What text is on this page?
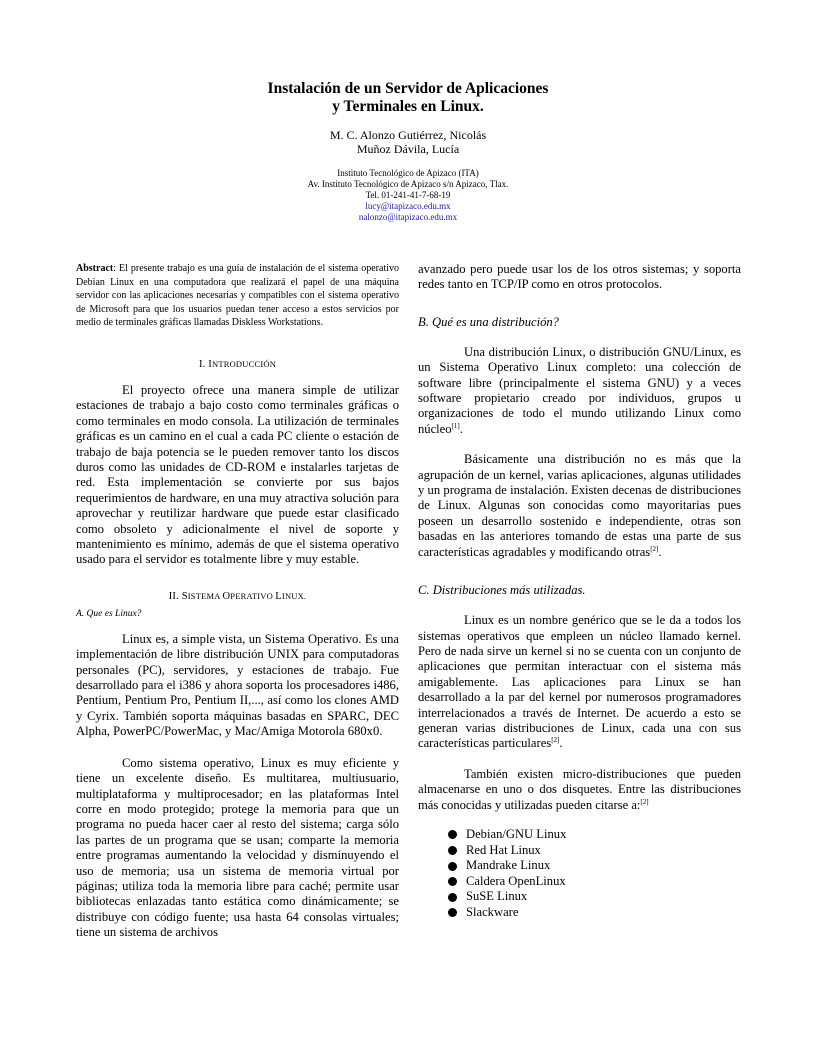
Instalación de un Servidor de Aplicaciones
y Terminales en Linux.
M. C. Alonzo Gutiérrez, Nicolás
Muñoz Dávila, Lucía
Instituto Tecnológico de Apizaco (ITA)
Av. Instituto Tecnológico de Apizaco s/n Apizaco, Tlax.
Tel. 01-241-41-7-68-19
lucy@itapizaco.edu.mx
nalonzo@itapizaco.edu.mx

Abstract: El presente trabajo es una guía de instalación de el sistema operativo Debian Linux en una computadora que realizará el papel de una máquina servidor con las aplicaciones necesarias y compatibles con el sistema operativo de Microsoft para que los usuarios puedan tener acceso a estos servicios por medio de terminales gráficas llamadas Diskless Workstations.

I. INTRODUCCIÓN

El proyecto ofrece una manera simple de utilizar estaciones de trabajo a bajo costo como terminales gráficas o como terminales en modo consola. La utilización de terminales gráficas es un camino en el cual a cada PC cliente o estación de trabajo de baja potencia se le pueden remover tanto los discos duros como las unidades de CD-ROM e instalarles tarjetas de red. Esta implementación se convierte por sus bajos requerimientos de hardware, en una muy atractiva solución para aprovechar y reutilizar hardware que puede estar clasificado como obsoleto y adicionalmente el nivel de soporte y mantenimiento es mínimo, además de que el sistema operativo usado para el servidor es totalmente libre y muy estable.

II. SISTEMA OPERATIVO LINUX.

A. Que es Linux?

Linux es, a simple vista, un Sistema Operativo. Es una implementación de libre distribución UNIX para computadoras personales (PC), servidores, y estaciones de trabajo. Fue desarrollado para el i386 y ahora soporta los procesadores i486, Pentium, Pentium Pro, Pentium II,..., así como los clones AMD y Cyrix. También soporta máquinas basadas en SPARC, DEC Alpha, PowerPC/PowerMac, y Mac/Amiga Motorola 680x0.

Como sistema operativo, Linux es muy eficiente y tiene un excelente diseño. Es multitarea, multiusuario, multiplataforma y multiprocesador; en las plataformas Intel corre en modo protegido; protege la memoria para que un programa no pueda hacer caer al resto del sistema; carga sólo las partes de un programa que se usan; comparte la memoria entre programas aumentando la velocidad y disminuyendo el uso de memoria; usa un sistema de memoria virtual por páginas; utiliza toda la memoria libre para caché; permite usar bibliotecas enlazadas tanto estática como dinámicamente; se distribuye con código fuente; usa hasta 64 consolas virtuales; tiene un sistema de archivos

avanzado pero puede usar los de los otros sistemas; y soporta redes tanto en TCP/IP como en otros protocolos.

B. Qué es una distribución?

Una distribución Linux, o distribución GNU/Linux, es un Sistema Operativo Linux completo: una colección de software libre (principalmente el sistema GNU) y a veces software propietario creado por individuos, grupos u organizaciones de todo el mundo utilizando Linux como núcleo[1].

Básicamente una distribución no es más que la agrupación de un kernel, varias aplicaciones, algunas utilidades y un programa de instalación. Existen decenas de distribuciones de Linux. Algunas son conocidas como mayoritarias pues poseen un desarrollo sostenido e independiente, otras son basadas en las anteriores tomando de estas una parte de sus características agradables y modificando otras[2].

C. Distribuciones más utilizadas.

Linux es un nombre genérico que se le da a todos los sistemas operativos que empleen un núcleo llamado kernel. Pero de nada sirve un kernel si no se cuenta con un conjunto de aplicaciones que permitan interactuar con el sistema más amigablemente. Las aplicaciones para Linux se han desarrollado a la par del kernel por numerosos programadores interrelacionados a través de Internet. De acuerdo a esto se generan varias distribuciones de Linux, cada una con sus características particulares[2].

También existen micro-distribuciones que pueden almacenarse en uno o dos disquetes. Entre las distribuciones más conocidas y utilizadas pueden citarse a:[2]

Debian/GNU Linux
Red Hat Linux
Mandrake Linux
Caldera OpenLinux
SuSE Linux
Slackware
